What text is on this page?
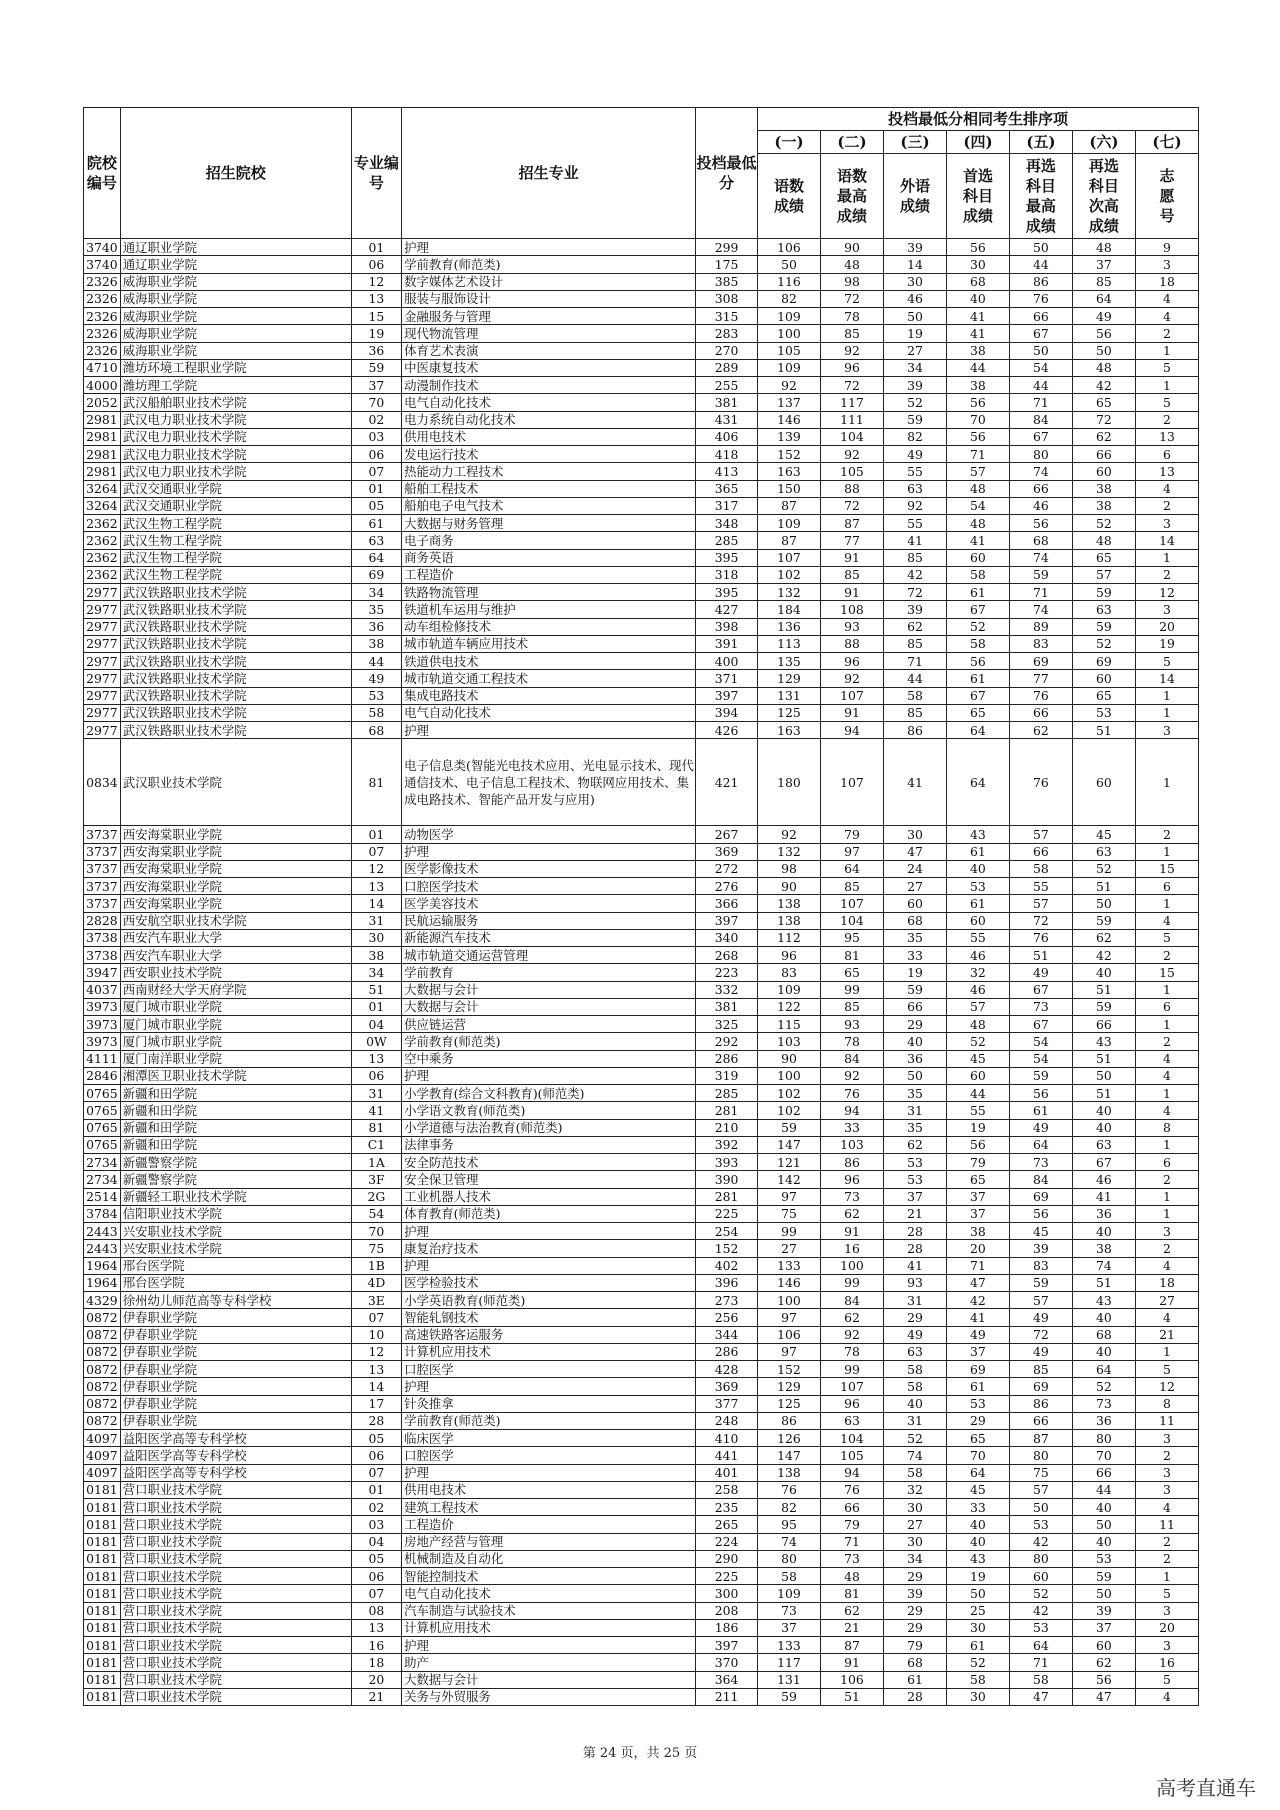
院校编号	招生院校	专业编号	招生专业	投档最低分	投档最低分相同考生排序项						
					(一)	(二)	(三)	(四)	(五)	(六)	(七)
					语数成绩	语数最高成绩	外语成绩	首选科目成绩	再选科目最高成绩	再选科目次高成绩	志愿号
3740	通辽职业学院	01	护理	299	106	90	39	56	50	48	9
3740	通辽职业学院	06	学前教育(师范类)	175	50	48	14	30	44	37	3
2326	威海职业学院	12	数字媒体艺术设计	385	116	98	30	68	86	85	18
2326	威海职业学院	13	服装与服饰设计	308	82	72	46	40	76	64	4
2326	威海职业学院	15	金融服务与管理	315	109	78	50	41	66	49	4
2326	威海职业学院	19	现代物流管理	283	100	85	19	41	67	56	2
2326	威海职业学院	36	体育艺术表演	270	105	92	27	38	50	50	1
4710	潍坊环境工程职业学院	59	中医康复技术	289	109	96	34	44	54	48	5
4000	潍坊理工学院	37	动漫制作技术	255	92	72	39	38	44	42	1
2052	武汉船舶职业技术学院	70	电气自动化技术	381	137	117	52	56	71	65	5
2981	武汉电力职业技术学院	02	电力系统自动化技术	431	146	111	59	70	84	72	2
2981	武汉电力职业技术学院	03	供用电技术	406	139	104	82	56	67	62	13
2981	武汉电力职业技术学院	06	发电运行技术	418	152	92	49	71	80	66	6
2981	武汉电力职业技术学院	07	热能动力工程技术	413	163	105	55	57	74	60	13
3264	武汉交通职业学院	01	船舶工程技术	365	150	88	63	48	66	38	4
3264	武汉交通职业学院	05	船舶电子电气技术	317	87	72	92	54	46	38	2
2362	武汉生物工程学院	61	大数据与财务管理	348	109	87	55	48	56	52	3
2362	武汉生物工程学院	63	电子商务	285	87	77	41	41	68	48	14
2362	武汉生物工程学院	64	商务英语	395	107	91	85	60	74	65	1
2362	武汉生物工程学院	69	工程造价	318	102	85	42	58	59	57	2
2977	武汉铁路职业技术学院	34	铁路物流管理	395	132	91	72	61	71	59	12
2977	武汉铁路职业技术学院	35	铁道机车运用与维护	427	184	108	39	67	74	63	3
2977	武汉铁路职业技术学院	36	动车组检修技术	398	136	93	62	52	89	59	20
2977	武汉铁路职业技术学院	38	城市轨道车辆应用技术	391	113	88	85	58	83	52	19
2977	武汉铁路职业技术学院	44	铁道供电技术	400	135	96	71	56	69	69	5
2977	武汉铁路职业技术学院	49	城市轨道交通工程技术	371	129	92	44	61	77	60	14
2977	武汉铁路职业技术学院	53	集成电路技术	397	131	107	58	67	76	65	1
2977	武汉铁路职业技术学院	58	电气自动化技术	394	125	91	85	65	66	53	1
2977	武汉铁路职业技术学院	68	护理	426	163	94	86	64	62	51	3
0834	武汉职业技术学院	81	电子信息类(智能光电技术应用、光电显示技术、现代通信技术、电子信息工程技术、物联网应用技术、集成电路技术、智能产品开发与应用)	421	180	107	41	64	76	60	1
3737	西安海棠职业学院	01	动物医学	267	92	79	30	43	57	45	2
3737	西安海棠职业学院	07	护理	369	132	97	47	61	66	63	1
3737	西安海棠职业学院	12	医学影像技术	272	98	64	24	40	58	52	15
3737	西安海棠职业学院	13	口腔医学技术	276	90	85	27	53	55	51	6
3737	西安海棠职业学院	14	医学美容技术	366	138	107	60	61	57	50	1
2828	西安航空职业技术学院	31	民航运输服务	397	138	104	68	60	72	59	4
3738	西安汽车职业大学	30	新能源汽车技术	340	112	95	35	55	76	62	5
3738	西安汽车职业大学	38	城市轨道交通运营管理	268	96	81	33	46	51	42	2
3947	西安职业技术学院	34	学前教育	223	83	65	19	32	49	40	15
4037	西南财经大学天府学院	51	大数据与会计	332	109	99	59	46	67	51	1
3973	厦门城市职业学院	01	大数据与会计	381	122	85	66	57	73	59	6
3973	厦门城市职业学院	04	供应链运营	325	115	93	29	48	67	66	1
3973	厦门城市职业学院	0W	学前教育(师范类)	292	103	78	40	52	54	43	2
4111	厦门南洋职业学院	13	空中乘务	286	90	84	36	45	54	51	4
2846	湘潭医卫职业技术学院	06	护理	319	100	92	50	60	59	50	4
0765	新疆和田学院	31	小学教育(综合文科教育)(师范类)	285	102	76	35	44	56	51	1
0765	新疆和田学院	41	小学语文教育(师范类)	281	102	94	31	55	61	40	4
0765	新疆和田学院	81	小学道德与法治教育(师范类)	210	59	33	35	19	49	40	8
0765	新疆和田学院	C1	法律事务	392	147	103	62	56	64	63	1
2734	新疆警察学院	1A	安全防范技术	393	121	86	53	79	73	67	6
2734	新疆警察学院	3F	安全保卫管理	390	142	96	53	65	84	46	2
2514	新疆轻工职业技术学院	2G	工业机器人技术	281	97	73	37	37	69	41	1
3784	信阳职业技术学院	54	体育教育(师范类)	225	75	62	21	37	56	36	1
2443	兴安职业技术学院	70	护理	254	99	91	28	38	45	40	3
2443	兴安职业技术学院	75	康复治疗技术	152	27	16	28	20	39	38	2
1964	邢台医学院	1B	护理	402	133	100	41	71	83	74	4
1964	邢台医学院	4D	医学检验技术	396	146	99	93	47	59	51	18
4329	徐州幼儿师范高等专科学校	3E	小学英语教育(师范类)	273	100	84	31	42	57	43	27
0872	伊春职业学院	07	智能轧钢技术	256	97	62	29	41	49	40	4
0872	伊春职业学院	10	高速铁路客运服务	344	106	92	49	49	72	68	21
0872	伊春职业学院	12	计算机应用技术	286	97	78	63	37	49	40	1
0872	伊春职业学院	13	口腔医学	428	152	99	58	69	85	64	5
0872	伊春职业学院	14	护理	369	129	107	58	61	69	52	12
0872	伊春职业学院	17	针灸推拿	377	125	96	40	53	86	73	8
0872	伊春职业学院	28	学前教育(师范类)	248	86	63	31	29	66	36	11
4097	益阳医学高等专科学校	05	临床医学	410	126	104	52	65	87	80	3
4097	益阳医学高等专科学校	06	口腔医学	441	147	105	74	70	80	70	2
4097	益阳医学高等专科学校	07	护理	401	138	94	58	64	75	66	3
0181	营口职业技术学院	01	供用电技术	258	76	76	32	45	57	44	3
0181	营口职业技术学院	02	建筑工程技术	235	82	66	30	33	50	40	4
0181	营口职业技术学院	03	工程造价	265	95	79	27	40	53	50	11
0181	营口职业技术学院	04	房地产经营与管理	224	74	71	30	40	42	40	2
0181	营口职业技术学院	05	机械制造及自动化	290	80	73	34	43	80	53	2
0181	营口职业技术学院	06	智能控制技术	225	58	48	29	19	60	59	1
0181	营口职业技术学院	07	电气自动化技术	300	109	81	39	50	52	50	5
0181	营口职业技术学院	08	汽车制造与试验技术	208	73	62	29	25	42	39	3
0181	营口职业技术学院	13	计算机应用技术	186	37	21	29	30	53	37	20
0181	营口职业技术学院	16	护理	397	133	87	79	61	64	60	3
0181	营口职业技术学院	18	助产	370	117	91	68	52	71	62	16
0181	营口职业技术学院	20	大数据与会计	364	131	106	61	58	58	56	5
0181	营口职业技术学院	21	关务与外贸服务	211	59	51	28	30	47	47	4
第 24 页，共 25 页
高考直通车
